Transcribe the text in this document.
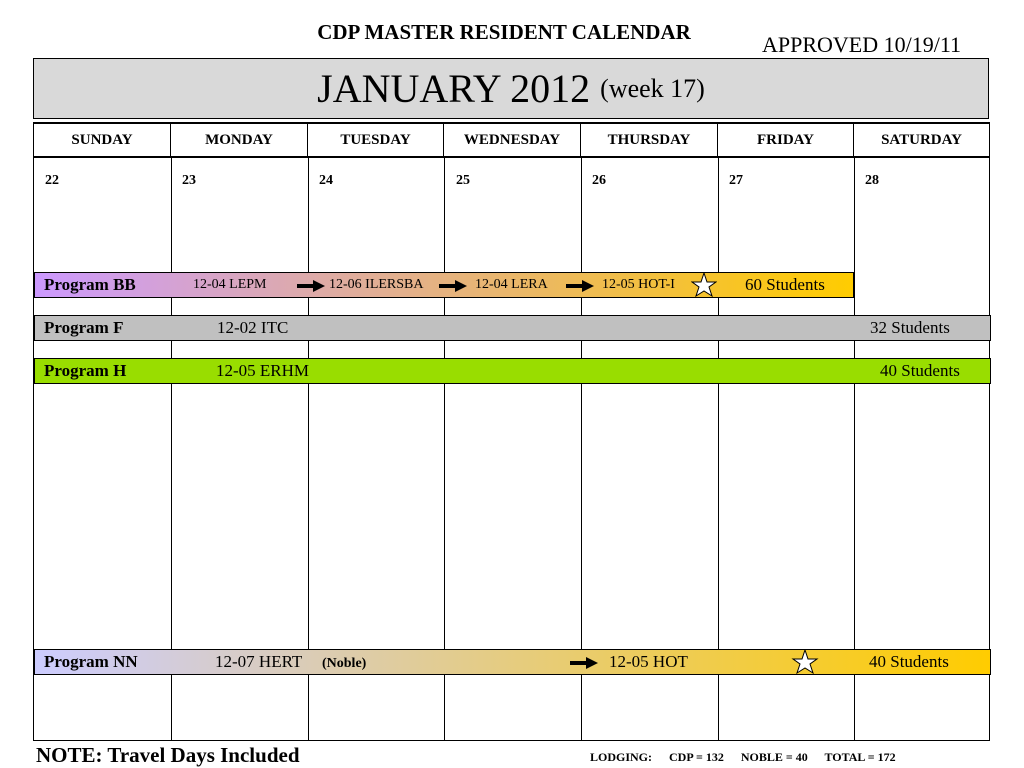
CDP MASTER RESIDENT CALENDAR	APPROVED 10/19/11
JANUARY 2012 (week 17)
SUNDAY	MONDAY	TUESDAY	WEDNESDAY	THURSDAY	FRIDAY	SATURDAY
22	23	24	25	26	27	28
Program BB	12-04 LEPM	12-06 ILERSBA	12-04 LERA	12-05 HOT-I	60 Students
Program F	12-02 ITC	32 Students
Program H	12-05 ERHM	40 Students
Program NN	12-07 HERT (Noble)	12-05 HOT	40 Students
NOTE: Travel Days Included	LODGING: CDP = 132 NOBLE = 40 TOTAL = 172
